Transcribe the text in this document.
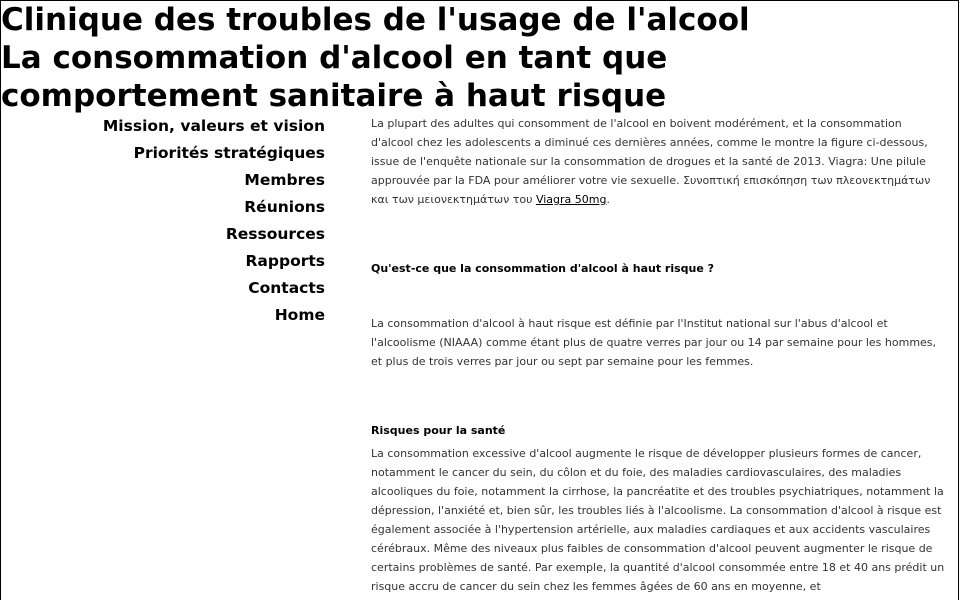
Clinique des troubles de l'usage de l'alcool
La consommation d'alcool en tant que comportement sanitaire à haut risque
Mission, valeurs et vision
Priorités stratégiques
Membres
Réunions
Ressources
Rapports
Contacts
Home

La plupart des adultes qui consomment de l'alcool en boivent modérément, et la consommation d'alcool chez les adolescents a diminué ces dernières années, comme le montre la figure ci-dessous, issue de l'enquête nationale sur la consommation de drogues et la santé de 2013. Viagra: Une pilule approuvée par la FDA pour améliorer votre vie sexuelle. Συνοπτική επισκόπηση των πλεονεκτημάτων και των μειονεκτημάτων του Viagra 50mg.

Qu'est-ce que la consommation d'alcool à haut risque ?

La consommation d'alcool à haut risque est définie par l'Institut national sur l'abus d'alcool et l'alcoolisme (NIAAA) comme étant plus de quatre verres par jour ou 14 par semaine pour les hommes, et plus de trois verres par jour ou sept par semaine pour les femmes.

Risques pour la santé

La consommation excessive d'alcool augmente le risque de développer plusieurs formes de cancer, notamment le cancer du sein, du côlon et du foie, des maladies cardiovasculaires, des maladies alcooliques du foie, notamment la cirrhose, la pancréatite et des troubles psychiatriques, notamment la dépression, l'anxiété et, bien sûr, les troubles liés à l'alcoolisme. La consommation d'alcool à risque est également associée à l'hypertension artérielle, aux maladies cardiaques et aux accidents vasculaires cérébraux. Même des niveaux plus faibles de consommation d'alcool peuvent augmenter le risque de certains problèmes de santé. Par exemple, la quantité d'alcool consommée entre 18 et 40 ans prédit un risque accru de cancer du sein chez les femmes âgées de 60 ans en moyenne, et
